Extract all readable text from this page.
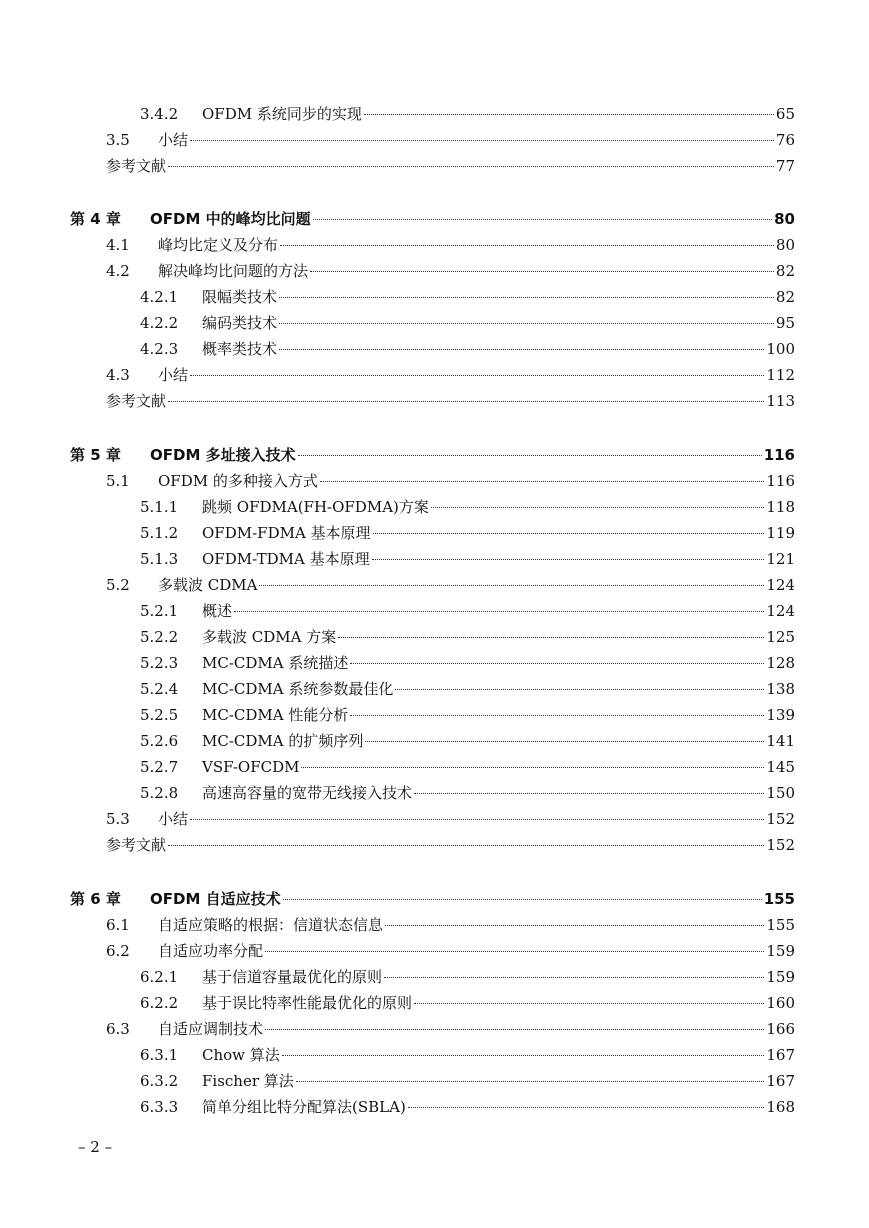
3.4.2	OFDM 系统同步的实现	65
3.5	小结	76
参考文献	77
第 4 章	OFDM 中的峰均比问题	80
4.1	峰均比定义及分布	80
4.2	解决峰均比问题的方法	82
4.2.1	限幅类技术	82
4.2.2	编码类技术	95
4.2.3	概率类技术	100
4.3	小结	112
参考文献	113
第 5 章	OFDM 多址接入技术	116
5.1	OFDM 的多种接入方式	116
5.1.1	跳频 OFDMA(FH-OFDMA)方案	118
5.1.2	OFDM-FDMA 基本原理	119
5.1.3	OFDM-TDMA 基本原理	121
5.2	多载波 CDMA	124
5.2.1	概述	124
5.2.2	多载波 CDMA 方案	125
5.2.3	MC-CDMA 系统描述	128
5.2.4	MC-CDMA 系统参数最佳化	138
5.2.5	MC-CDMA 性能分析	139
5.2.6	MC-CDMA 的扩频序列	141
5.2.7	VSF-OFCDM	145
5.2.8	高速高容量的宽带无线接入技术	150
5.3	小结	152
参考文献	152
第 6 章	OFDM 自适应技术	155
6.1	自适应策略的根据：信道状态信息	155
6.2	自适应功率分配	159
6.2.1	基于信道容量最优化的原则	159
6.2.2	基于误比特率性能最优化的原则	160
6.3	自适应调制技术	166
6.3.1	Chow 算法	167
6.3.2	Fischer 算法	167
6.3.3	简单分组比特分配算法(SBLA)	168
– 2 –
